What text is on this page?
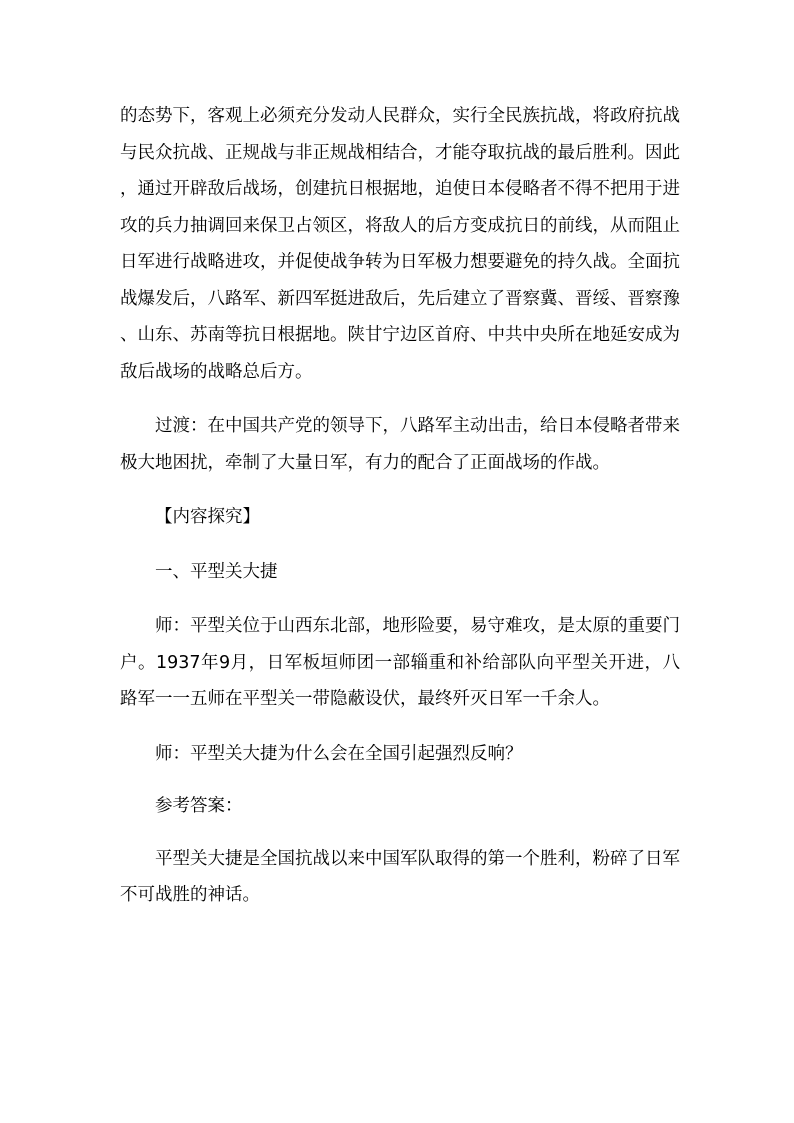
的态势下，客观上必须充分发动人民群众，实行全民族抗战，将政府抗战与民众抗战、正规战与非正规战相结合，才能夺取抗战的最后胜利。因此，通过开辟敌后战场，创建抗日根据地，迫使日本侵略者不得不把用于进攻的兵力抽调回来保卫占领区，将敌人的后方变成抗日的前线，从而阻止日军进行战略进攻，并促使战争转为日军极力想要避免的持久战。全面抗战爆发后，八路军、新四军挺进敌后，先后建立了晋察冀、晋绥、晋察豫、山东、苏南等抗日根据地。陕甘宁边区首府、中共中央所在地延安成为敌后战场的战略总后方。

过渡：在中国共产党的领导下，八路军主动出击，给日本侵略者带来极大地困扰，牵制了大量日军，有力的配合了正面战场的作战。

【内容探究】

一、平型关大捷

师：平型关位于山西东北部，地形险要，易守难攻，是太原的重要门户。1937年9月，日军板垣师团一部辎重和补给部队向平型关开进，八路军一一五师在平型关一带隐蔽设伏，最终歼灭日军一千余人。

师：平型关大捷为什么会在全国引起强烈反响？

参考答案：

平型关大捷是全国抗战以来中国军队取得的第一个胜利，粉碎了日军不可战胜的神话。
